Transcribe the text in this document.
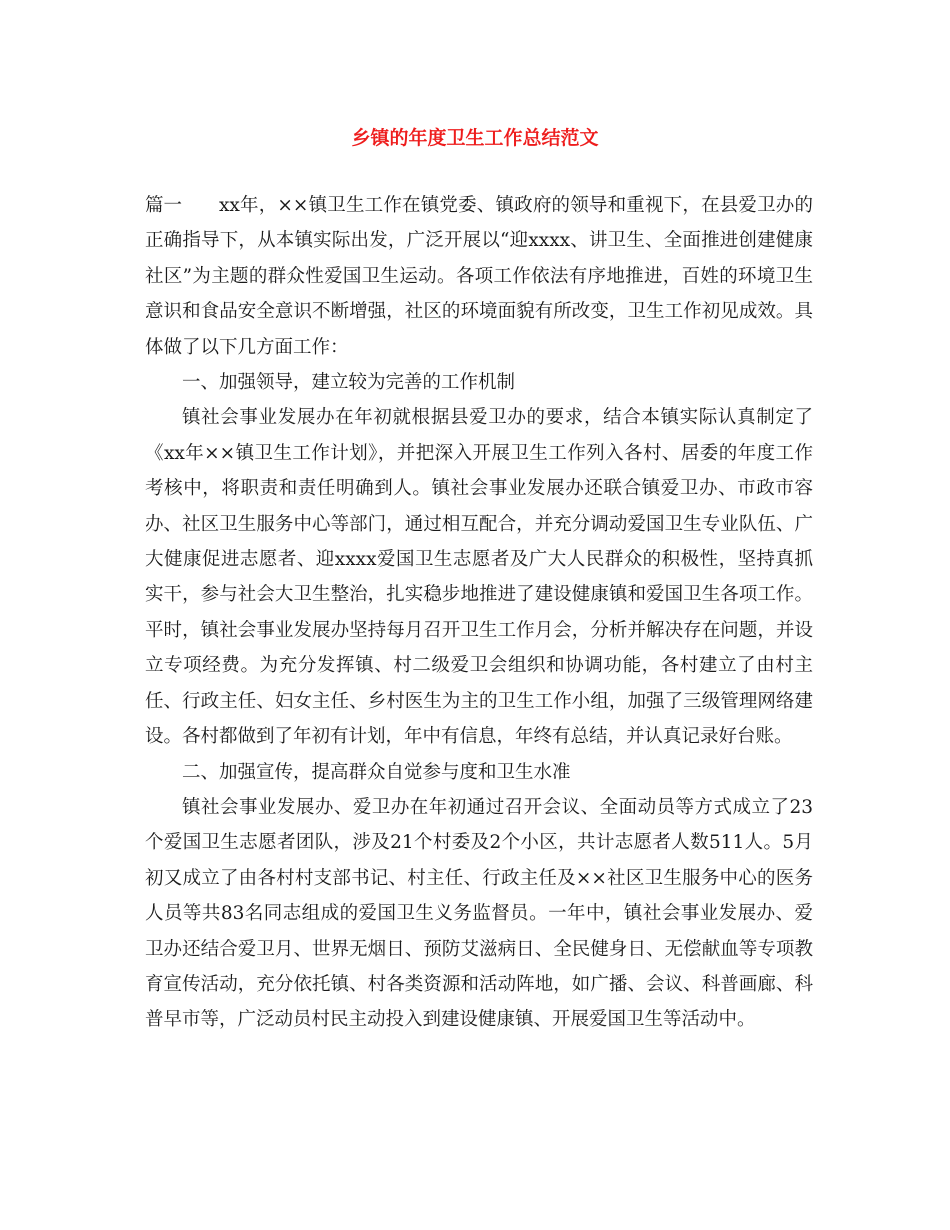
乡镇的年度卫生工作总结范文

篇一 xx年，××镇卫生工作在镇党委、镇政府的领导和重视下，在县爱卫办的正确指导下，从本镇实际出发，广泛开展以“迎xxxx、讲卫生、全面推进创建健康社区”为主题的群众性爱国卫生运动。各项工作依法有序地推进，百姓的环境卫生意识和食品安全意识不断增强，社区的环境面貌有所改变，卫生工作初见成效。具体做了以下几方面工作：

一、加强领导，建立较为完善的工作机制

镇社会事业发展办在年初就根据县爱卫办的要求，结合本镇实际认真制定了《xx年××镇卫生工作计划》，并把深入开展卫生工作列入各村、居委的年度工作考核中，将职责和责任明确到人。镇社会事业发展办还联合镇爱卫办、市政市容办、社区卫生服务中心等部门，通过相互配合，并充分调动爱国卫生专业队伍、广大健康促进志愿者、迎xxxx爱国卫生志愿者及广大人民群众的积极性，坚持真抓实干，参与社会大卫生整治，扎实稳步地推进了建设健康镇和爱国卫生各项工作。平时，镇社会事业发展办坚持每月召开卫生工作月会，分析并解决存在问题，并设立专项经费。为充分发挥镇、村二级爱卫会组织和协调功能，各村建立了由村主任、行政主任、妇女主任、乡村医生为主的卫生工作小组，加强了三级管理网络建设。各村都做到了年初有计划，年中有信息，年终有总结，并认真记录好台账。

二、加强宣传，提高群众自觉参与度和卫生水准

镇社会事业发展办、爱卫办在年初通过召开会议、全面动员等方式成立了23个爱国卫生志愿者团队，涉及21个村委及2个小区，共计志愿者人数511人。5月初又成立了由各村村支部书记、村主任、行政主任及××社区卫生服务中心的医务人员等共83名同志组成的爱国卫生义务监督员。一年中，镇社会事业发展办、爱卫办还结合爱卫月、世界无烟日、预防艾滋病日、全民健身日、无偿献血等专项教育宣传活动，充分依托镇、村各类资源和活动阵地，如广播、会议、科普画廊、科普早市等，广泛动员村民主动投入到建设健康镇、开展爱国卫生等活动中。
